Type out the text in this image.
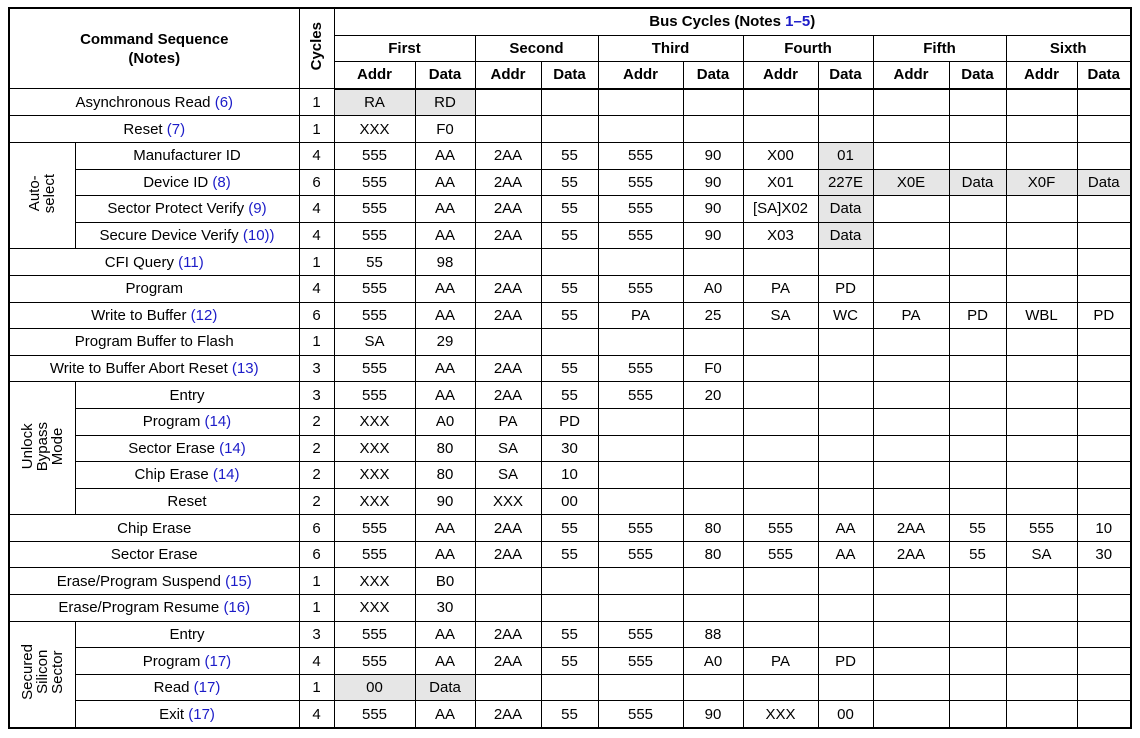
Command Sequence
(Notes)		Cycles	Bus Cycles (Notes 1–5)											
			First		Second		Third		Fourth		Fifth		Sixth	
			Addr	Data	Addr	Data	Addr	Data	Addr	Data	Addr	Data	Addr	Data
Asynchronous Read (6)		1	RA	RD										
Reset (7)		1	XXX	F0										
Auto-
select	Manufacturer ID	4	555	AA	2AA	55	555	90	X00	01				
	Device ID (8)	6	555	AA	2AA	55	555	90	X01	227E	X0E	Data	X0F	Data
	Sector Protect Verify (9)	4	555	AA	2AA	55	555	90	[SA]X02	Data				
	Secure Device Verify (10))	4	555	AA	2AA	55	555	90	X03	Data				
CFI Query (11)		1	55	98										
Program		4	555	AA	2AA	55	555	A0	PA	PD				
Write to Buffer (12)		6	555	AA	2AA	55	PA	25	SA	WC	PA	PD	WBL	PD
Program Buffer to Flash		1	SA	29										
Write to Buffer Abort Reset (13)		3	555	AA	2AA	55	555	F0						
Unlock
Bypass
Mode	Entry	3	555	AA	2AA	55	555	20						
	Program (14)	2	XXX	A0	PA	PD								
	Sector Erase (14)	2	XXX	80	SA	30								
	Chip Erase (14)	2	XXX	80	SA	10								
	Reset	2	XXX	90	XXX	00								
Chip Erase		6	555	AA	2AA	55	555	80	555	AA	2AA	55	555	10
Sector Erase		6	555	AA	2AA	55	555	80	555	AA	2AA	55	SA	30
Erase/Program Suspend (15)		1	XXX	B0										
Erase/Program Resume (16)		1	XXX	30										
Secured
Silicon
Sector	Entry	3	555	AA	2AA	55	555	88						
	Program (17)	4	555	AA	2AA	55	555	A0	PA	PD				
	Read (17)	1	00	Data										
	Exit (17)	4	555	AA	2AA	55	555	90	XXX	00				
